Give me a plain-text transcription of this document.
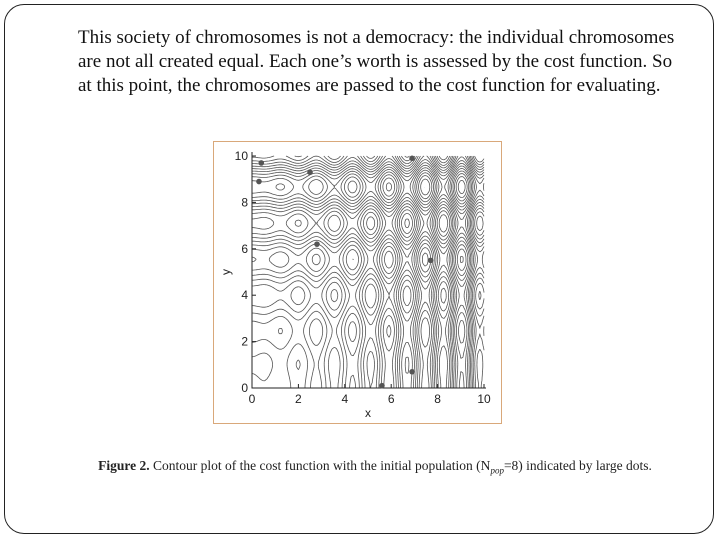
This society of chromosomes is not a democracy: the individual chromosomes are not all created equal. Each one’s worth is assessed by the cost function. So at this point, the chromosomes are passed to the cost function for evaluating.

0	2	4	6	8	10
0
2
4
6
8
10
x
y

Figure 2. Contour plot of the cost function with the initial population $(N_{pop}=8)$ indicated by large dots.
